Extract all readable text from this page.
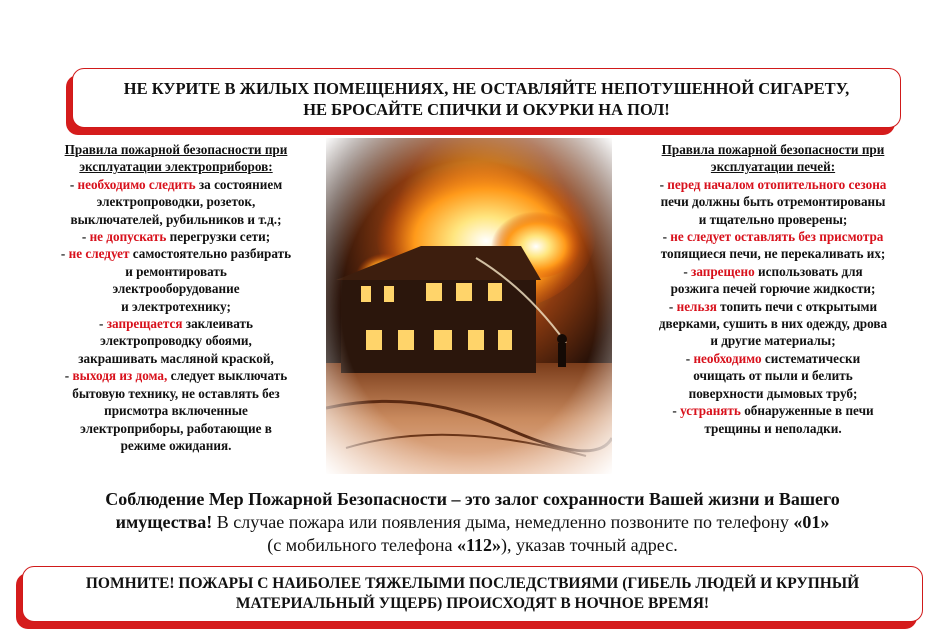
НЕ КУРИТЕ В ЖИЛЫХ ПОМЕЩЕНИЯХ, НЕ ОСТАВЛЯЙТЕ НЕПОТУШЕННОЙ СИГАРЕТУ,
НЕ БРОСАЙТЕ СПИЧКИ И ОКУРКИ НА ПОЛ!
Правила пожарной безопасности при
эксплуатации электроприборов:
- необходимо следить за состоянием
электропроводки, розеток,
выключателей, рубильников и т.д.;
- не допускать перегрузки сети;
- не следует самостоятельно разбирать
и ремонтировать
электрооборудование
и электротехнику;
- запрещается заклеивать
электропроводку обоями,
закрашивать масляной краской,
- выходя из дома, следует выключать
бытовую технику, не оставлять без
присмотра включенные
электроприборы, работающие в
режиме ожидания.
Правила пожарной безопасности при
эксплуатации печей:
- перед началом отопительного сезона
печи должны быть отремонтированы
и тщательно проверены;
- не следует оставлять без присмотра
топящиеся печи, не перекаливать их;
- запрещено использовать для
розжига печей горючие жидкости;
- нельзя топить печи с открытыми
дверками, сушить в них одежду, дрова
и другие материалы;
- необходимо систематически
очищать от пыли и белить
поверхности дымовых труб;
- устранять обнаруженные в печи
трещины и неполадки.
Соблюдение Мер Пожарной Безопасности – это залог сохранности Вашей жизни и Вашего
имущества! В случае пожара или появления дыма, немедленно позвоните по телефону «01»
(с мобильного телефона «112»), указав точный адрес.
ПОМНИТЕ! ПОЖАРЫ С НАИБОЛЕЕ ТЯЖЕЛЫМИ ПОСЛЕДСТВИЯМИ (ГИБЕЛЬ ЛЮДЕЙ И КРУПНЫЙ
МАТЕРИАЛЬНЫЙ УЩЕРБ) ПРОИСХОДЯТ В НОЧНОЕ ВРЕМЯ!
